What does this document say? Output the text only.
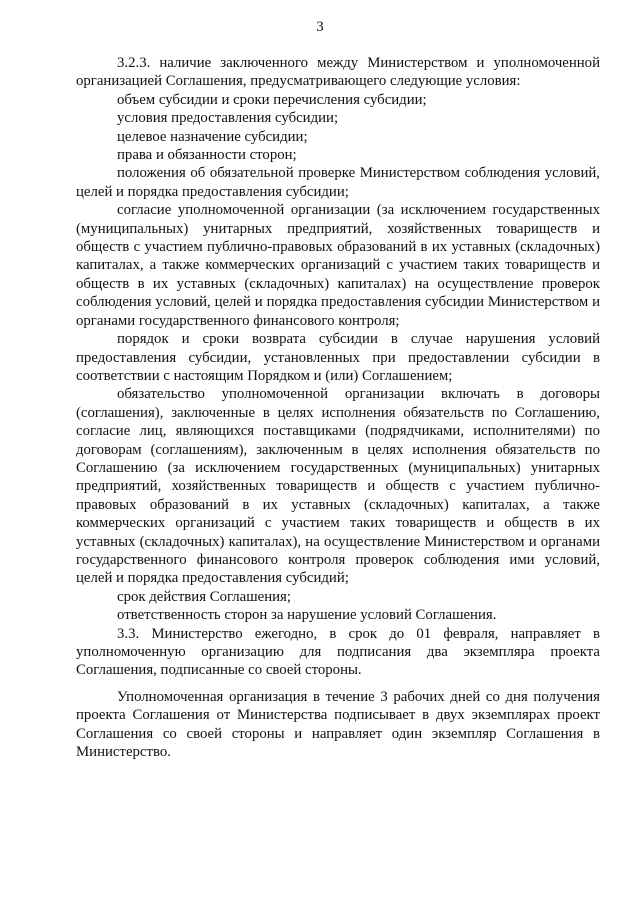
3

3.2.3. наличие заключенного между Министерством и уполномоченной организацией Соглашения, предусматривающего следующие условия:

объем субсидии и сроки перечисления субсидии;

условия предоставления субсидии;

целевое назначение субсидии;

права и обязанности сторон;

положения об обязательной проверке Министерством соблюдения условий, целей и порядка предоставления субсидии;

согласие уполномоченной организации (за исключением государственных (муниципальных) унитарных предприятий, хозяйственных товариществ и обществ с участием публично-правовых образований в их уставных (складочных) капиталах, а также коммерческих организаций с участием таких товариществ и обществ в их уставных (складочных) капиталах) на осуществление проверок соблюдения условий, целей и порядка предоставления субсидии Министерством и органами государственного финансового контроля;

порядок и сроки возврата субсидии в случае нарушения условий предоставления субсидии, установленных при предоставлении субсидии в соответствии с настоящим Порядком и (или) Соглашением;

обязательство уполномоченной организации включать в договоры (соглашения), заключенные в целях исполнения обязательств по Соглашению, согласие лиц, являющихся поставщиками (подрядчиками, исполнителями) по договорам (соглашениям), заключенным в целях исполнения обязательств по Соглашению (за исключением государственных (муниципальных) унитарных предприятий, хозяйственных товариществ и обществ с участием публично-правовых образований в их уставных (складочных) капиталах, а также коммерческих организаций с участием таких товариществ и обществ в их уставных (складочных) капиталах), на осуществление Министерством и органами государственного финансового контроля проверок соблюдения ими условий, целей и порядка предоставления субсидий;

срок действия Соглашения;

ответственность сторон за нарушение условий Соглашения.

3.3. Министерство ежегодно, в срок до 01 февраля, направляет в уполномоченную организацию для подписания два экземпляра проекта Соглашения, подписанные со своей стороны.

Уполномоченная организация в течение 3 рабочих дней со дня получения проекта Соглашения от Министерства подписывает в двух экземплярах проект Соглашения со своей стороны и направляет один экземпляр Соглашения в Министерство.
